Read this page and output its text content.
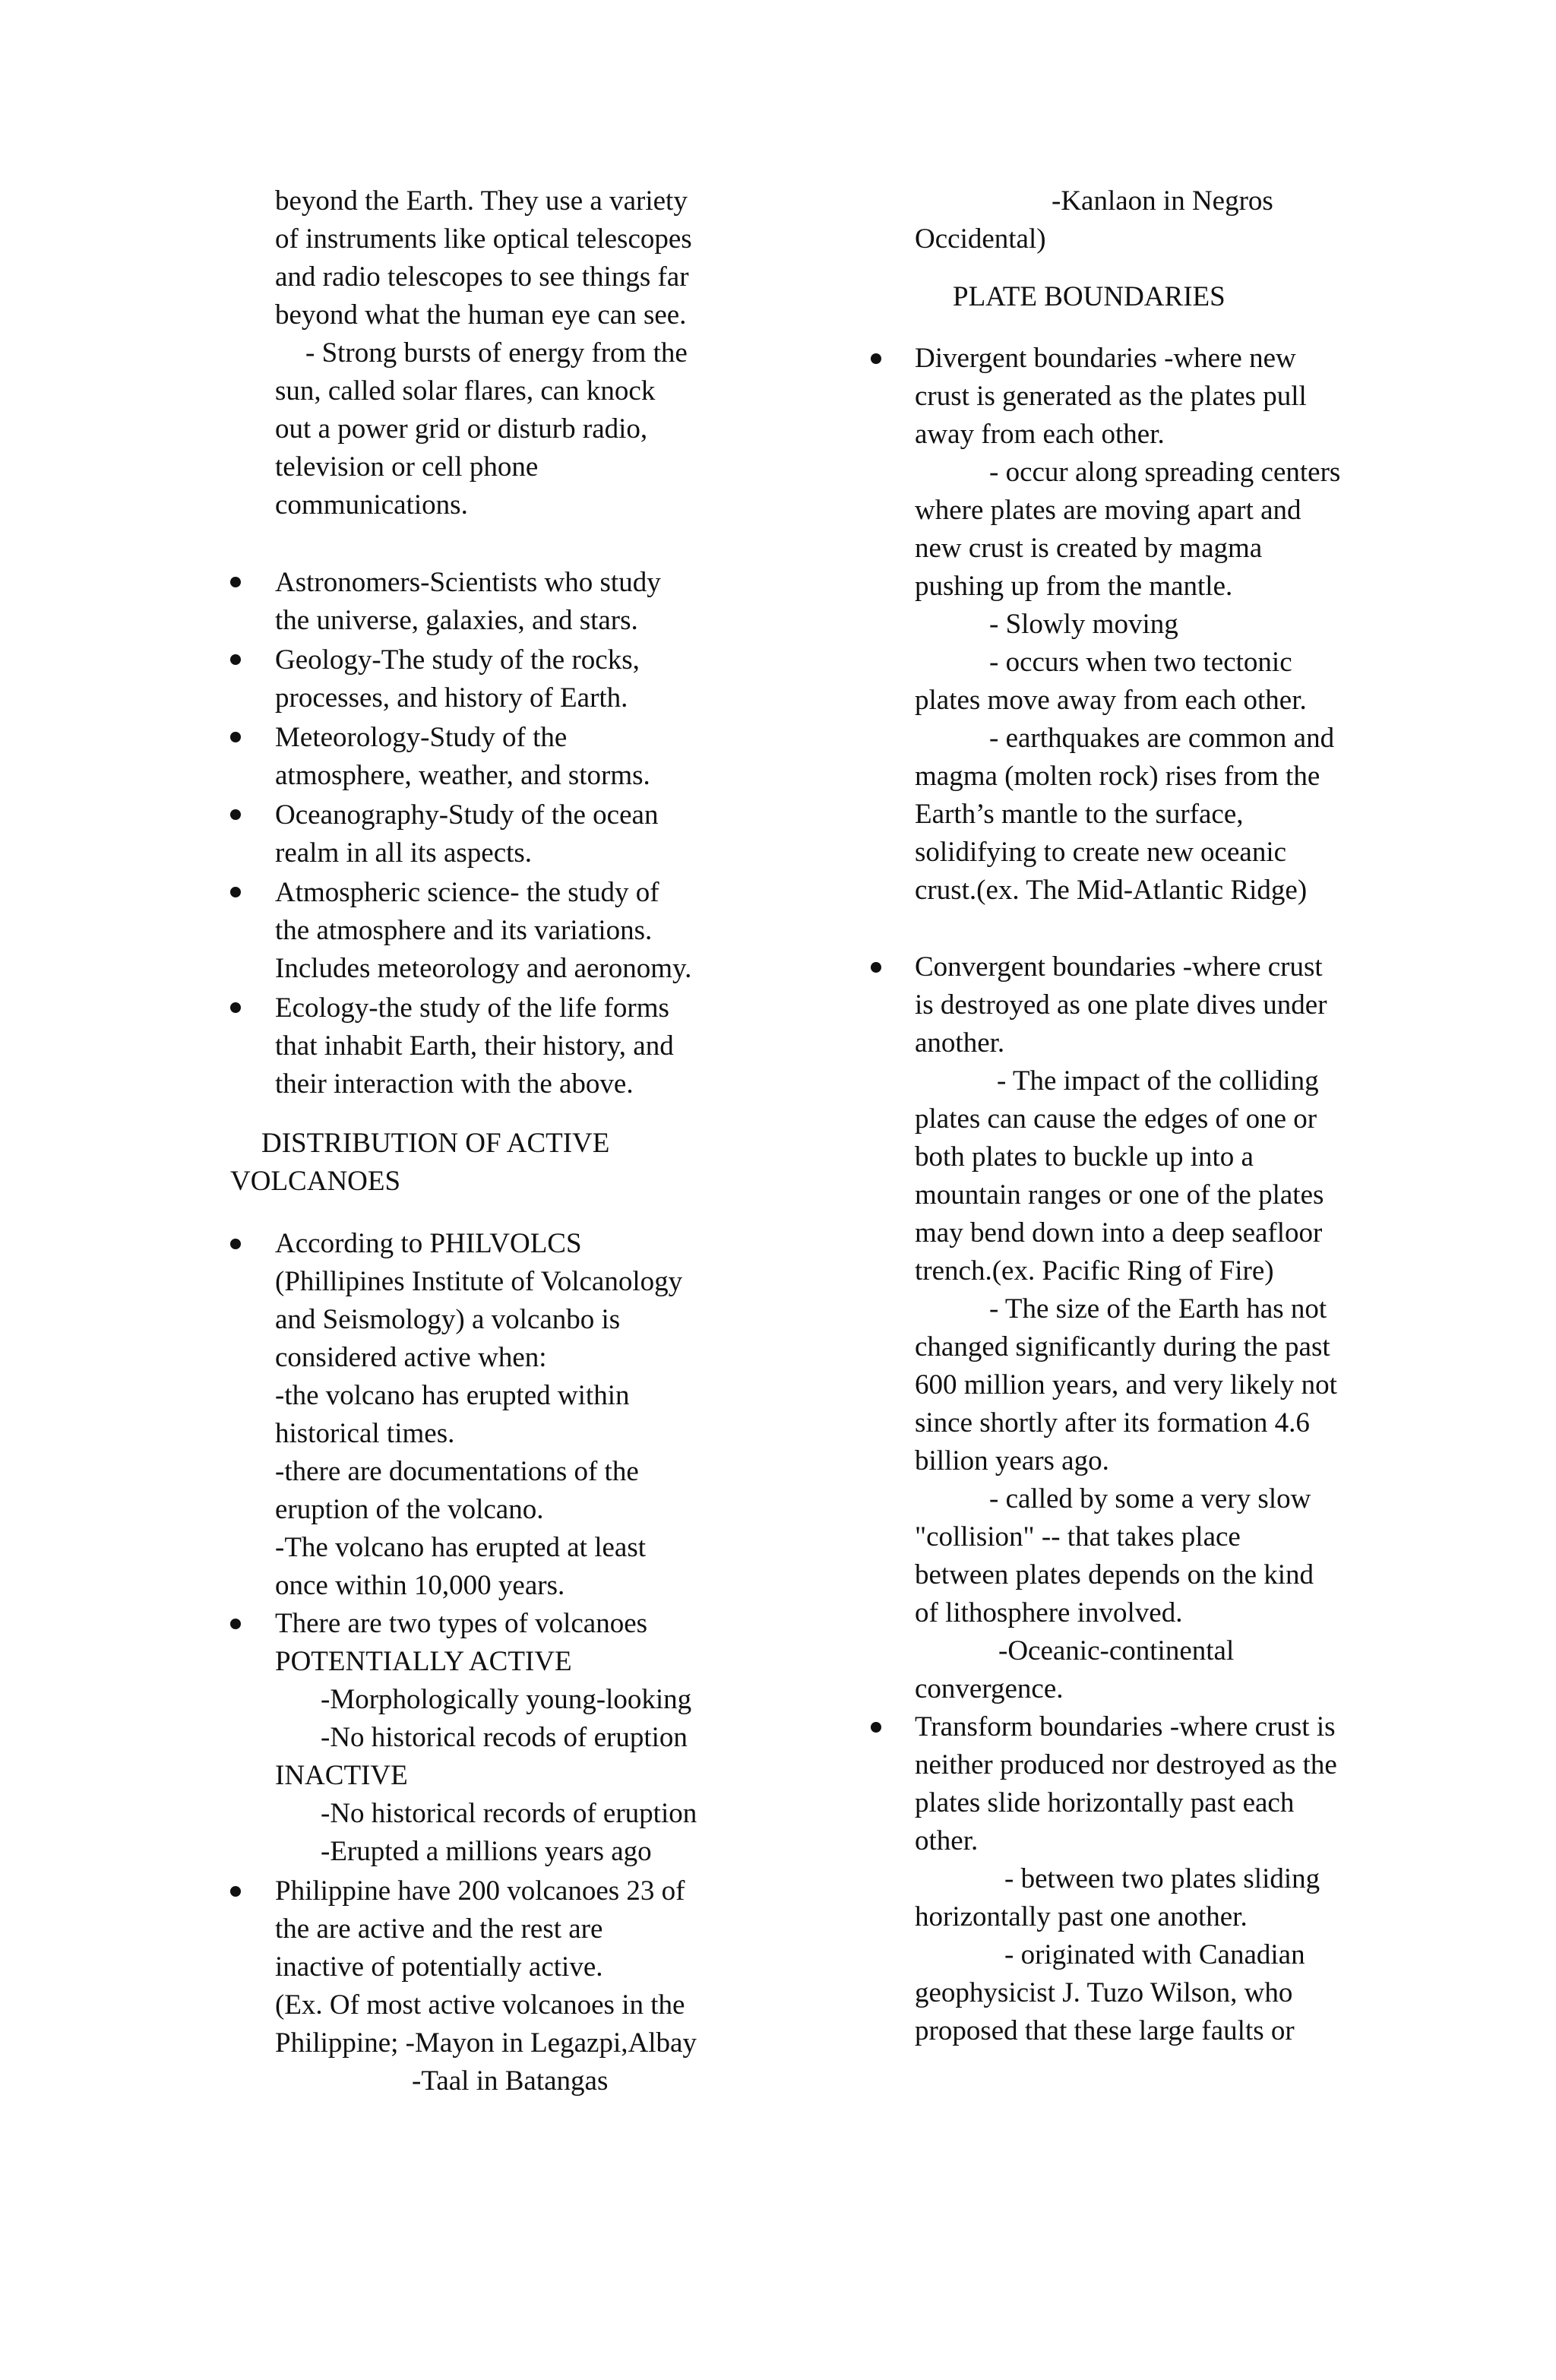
beyond the Earth. They use a variety
of instruments like optical telescopes
and radio telescopes to see things far
beyond what the human eye can see.
- Strong bursts of energy from the
sun, called solar flares, can knock
out a power grid or disturb radio,
television or cell phone
communications.
Astronomers-Scientists who study
the universe, galaxies, and stars.
Geology-The study of the rocks,
processes, and history of Earth.
Meteorology-Study of the
atmosphere, weather, and storms.
Oceanography-Study of the ocean
realm in all its aspects.
Atmospheric science- the study of
the atmosphere and its variations.
Includes meteorology and aeronomy.
Ecology-the study of the life forms
that inhabit Earth, their history, and
their interaction with the above.
DISTRIBUTION OF ACTIVE
VOLCANOES
According to PHILVOLCS
(Phillipines Institute of Volcanology
and Seismology) a volcanbo is
considered active when:
-the volcano has erupted within
historical times.
-there are documentations of the
eruption of the volcano.
-The volcano has erupted at least
once within 10,000 years.
There are two types of volcanoes
POTENTIALLY ACTIVE
-Morphologically young-looking
-No historical recods of eruption
INACTIVE
-No historical records of eruption
-Erupted a millions years ago
Philippine have 200 volcanoes 23 of
the are active and the rest are
inactive of potentially active.
(Ex. Of most active volcanoes in the
Philippine; -Mayon in Legazpi,Albay
-Taal in Batangas
-Kanlaon in Negros
Occidental)
PLATE BOUNDARIES
Divergent boundaries -where new
crust is generated as the plates pull
away from each other.
- occur along spreading centers
where plates are moving apart and
new crust is created by magma
pushing up from the mantle.
- Slowly moving
- occurs when two tectonic
plates move away from each other.
- earthquakes are common and
magma (molten rock) rises from the
Earth’s mantle to the surface,
solidifying to create new oceanic
crust.(ex. The Mid-Atlantic Ridge)
Convergent boundaries -where crust
is destroyed as one plate dives under
another.
- The impact of the colliding
plates can cause the edges of one or
both plates to buckle up into a
mountain ranges or one of the plates
may bend down into a deep seafloor
trench.(ex. Pacific Ring of Fire)
- The size of the Earth has not
changed significantly during the past
600 million years, and very likely not
since shortly after its formation 4.6
billion years ago.
- called by some a very slow
"collision" -- that takes place
between plates depends on the kind
of lithosphere involved.
-Oceanic-continental
convergence.
Transform boundaries -where crust is
neither produced nor destroyed as the
plates slide horizontally past each
other.
- between two plates sliding
horizontally past one another.
- originated with Canadian
geophysicist J. Tuzo Wilson, who
proposed that these large faults or
